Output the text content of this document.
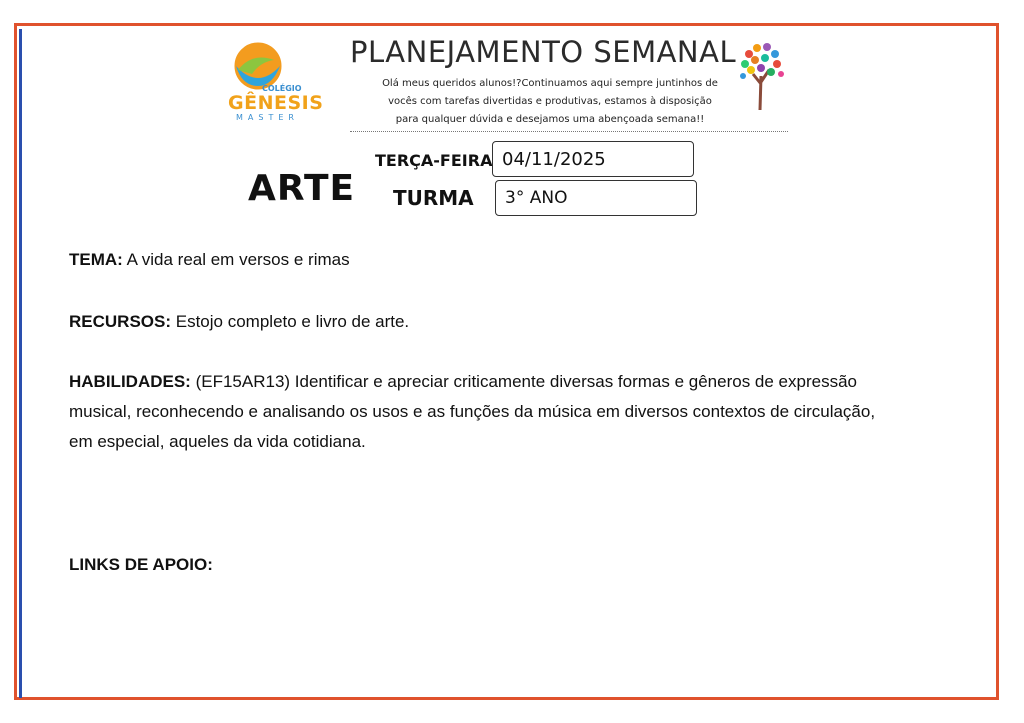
COLÉGIO
GÊNESIS
MASTER
PLANEJAMENTO SEMANAL
Olá meus queridos alunos!?Continuamos aqui sempre juntinhos de vocês com tarefas divertidas e produtivas, estamos à disposição para qualquer dúvida e desejamos uma abençoada semana!!
ARTE
TERÇA-FEIRA 04/11/2025
TURMA 3° ANO
TEMA: A vida real em versos e rimas
RECURSOS: Estojo completo e livro de arte.
HABILIDADES: (EF15AR13) Identificar e apreciar criticamente diversas formas e gêneros de expressão musical, reconhecendo e analisando os usos e as funções da música em diversos contextos de circulação, em especial, aqueles da vida cotidiana.
LINKS DE APOIO:
